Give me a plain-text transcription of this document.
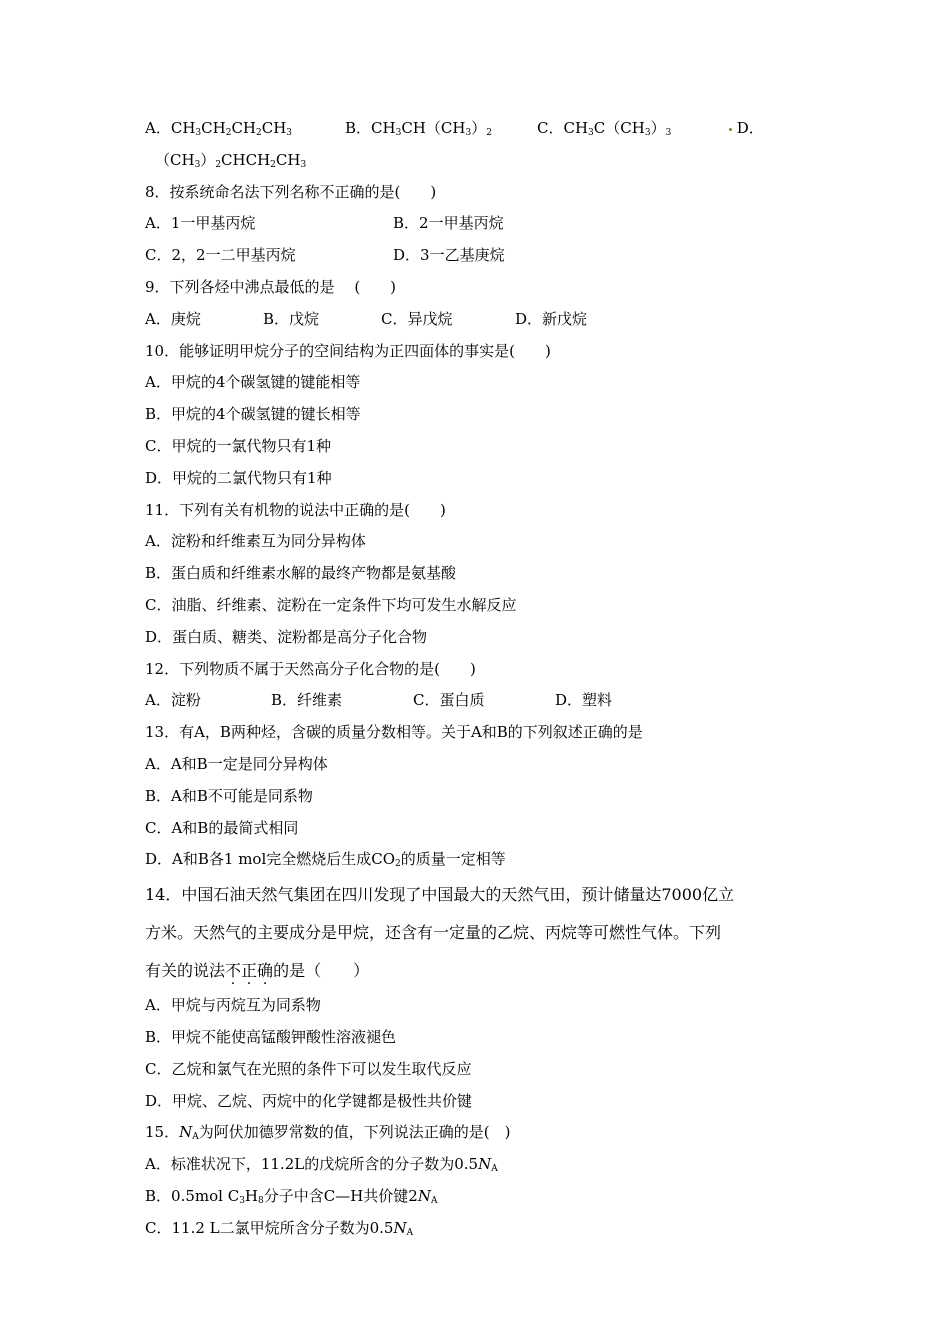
A．$CH_3CH_2CH_2CH_3$	B．$CH_3CH(CH_3)_2$	C．$CH_3C(CH_3)_3$	D．
$(CH_3)_2CHCH_2CH_3$
8．按系统命名法下列名称不正确的是(　　)
A．1一甲基丙烷	B．2一甲基丙烷
C．2，2一二甲基丙烷	D．3一乙基庚烷
9．下列各烃中沸点最低的是　 (　　)
A．庚烷	B．戊烷	C．异戊烷	D．新戊烷
10．能够证明甲烷分子的空间结构为正四面体的事实是(　　)
A．甲烷的4个碳氢键的键能相等
B．甲烷的4个碳氢键的键长相等
C．甲烷的一氯代物只有1种
D．甲烷的二氯代物只有1种
11．下列有关有机物的说法中正确的是(　　)
A．淀粉和纤维素互为同分异构体
B．蛋白质和纤维素水解的最终产物都是氨基酸
C．油脂、纤维素、淀粉在一定条件下均可发生水解反应
D．蛋白质、糖类、淀粉都是高分子化合物
12．下列物质不属于天然高分子化合物的是(　　)
A．淀粉	B．纤维素	C．蛋白质	D．塑料
13．有A，B两种烃，含碳的质量分数相等。关于A和B的下列叙述正确的是
A．A和B一定是同分异构体
B．A和B不可能是同系物
C．A和B的最简式相同
D．A和B各1 mol完全燃烧后生成$CO_2$的质量一定相等
14．中国石油天然气集团在四川发现了中国最大的天然气田，预计储量达7000亿立
方米。天然气的主要成分是甲烷，还含有一定量的乙烷、丙烷等可燃性气体。下列
有关的说法不正确的是（　　）
A．甲烷与丙烷互为同系物
B．甲烷不能使高锰酸钾酸性溶液褪色
C．乙烷和氯气在光照的条件下可以发生取代反应
D．甲烷、乙烷、丙烷中的化学键都是极性共价键
15．$N_A$为阿伏加德罗常数的值，下列说法正确的是(　)
A．标准状况下，11.2L的戊烷所含的分子数为$0.5N_A$
B．0.5mol $C_3H_8$分子中含C—H共价键$2N_A$
C．11.2 L二氯甲烷所含分子数为$0.5N_A$
